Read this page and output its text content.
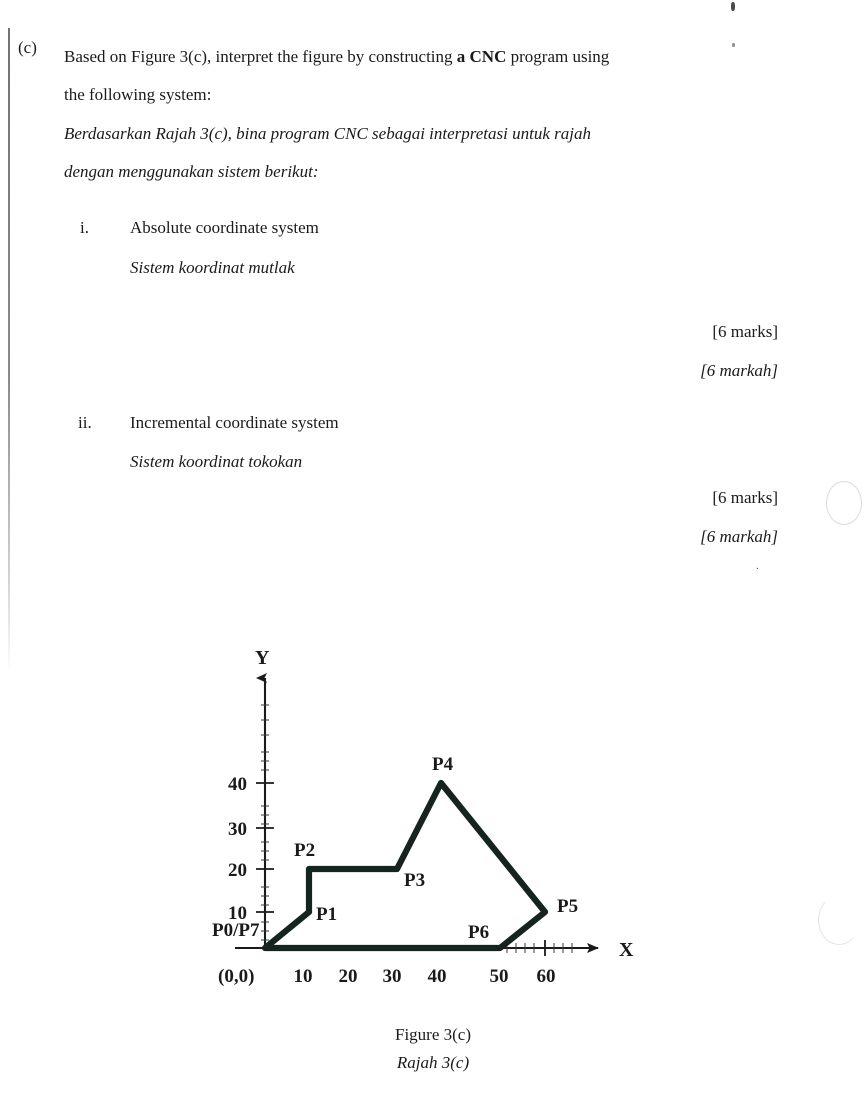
(c) Based on Figure 3(c), interpret the figure by constructing a CNC program using
the following system:
Berdasarkan Rajah 3(c), bina program CNC sebagai interpretasi untuk rajah
dengan menggunakan sistem berikut:
i. Absolute coordinate system
Sistem koordinat mutlak
[6 marks]
[6 markah]
ii. Incremental coordinate system
Sistem koordinat tokokan
[6 marks]
[6 markah]
.
Y
X
10
20
30
40
10 20 30 40 50 60
(0,0)
P0/P7
P1
P2
P3
P4
P5
P6
Figure 3(c)
Rajah 3(c)
